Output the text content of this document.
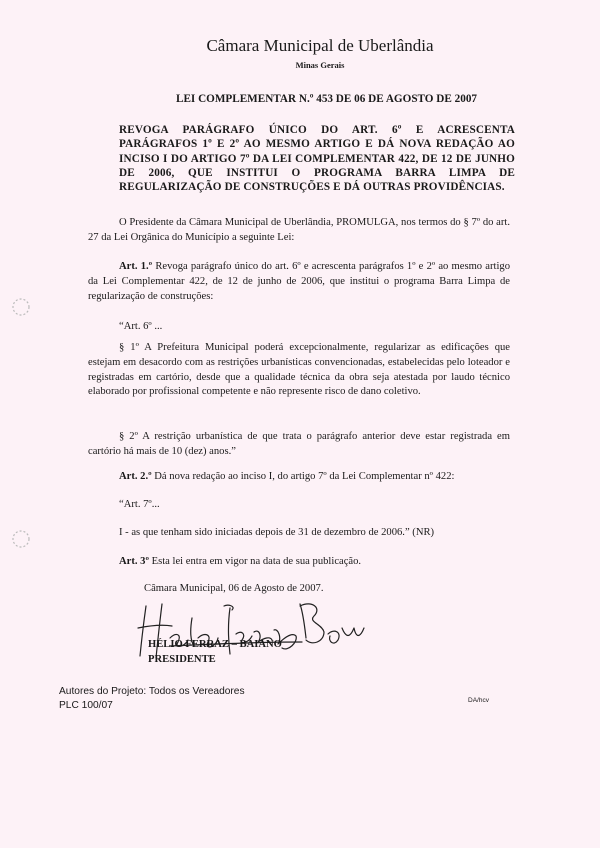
Câmara Municipal de Uberlândia
Minas Gerais
LEI COMPLEMENTAR N.º 453 DE 06 DE AGOSTO DE 2007
REVOGA PARÁGRAFO ÚNICO DO ART. 6º E ACRESCENTA PARÁGRAFOS 1º E 2º AO MESMO ARTIGO E DÁ NOVA REDAÇÃO AO INCISO I DO ARTIGO 7º DA LEI COMPLEMENTAR 422, DE 12 DE JUNHO DE 2006, QUE INSTITUI O PROGRAMA BARRA LIMPA DE REGULARIZAÇÃO DE CONSTRUÇÕES E DÁ OUTRAS PROVIDÊNCIAS.
O Presidente da Câmara Municipal de Uberlândia, PROMULGA, nos termos do § 7º do art. 27 da Lei Orgânica do Município a seguinte Lei:
Art. 1.º Revoga parágrafo único do art. 6º e acrescenta parágrafos 1º e 2º ao mesmo artigo da Lei Complementar 422, de 12 de junho de 2006, que institui o programa Barra Limpa de regularização de construções:
“Art. 6º ...
§ 1º A Prefeitura Municipal poderá excepcionalmente, regularizar as edificações que estejam em desacordo com as restrições urbanísticas convencionadas, estabelecidas pelo loteador e registradas em cartório, desde que a qualidade técnica da obra seja atestada por laudo técnico elaborado por profissional competente e não represente risco de dano coletivo.
§ 2º A restrição urbanística de que trata o parágrafo anterior deve estar registrada em cartório há mais de 10 (dez) anos.”
Art. 2.º Dá nova redação ao inciso I, do artigo 7º da Lei Complementar nº 422:
“Art. 7º...
I - as que tenham sido iniciadas depois de 31 de dezembro de 2006.” (NR)
Art. 3º Esta lei entra em vigor na data de sua publicação.
Câmara Municipal, 06 de Agosto de 2007.
HÉLIO FERRAZ – BAIANO
PRESIDENTE
Autores do Projeto: Todos os Vereadores
PLC 100/07	DA/hcv
